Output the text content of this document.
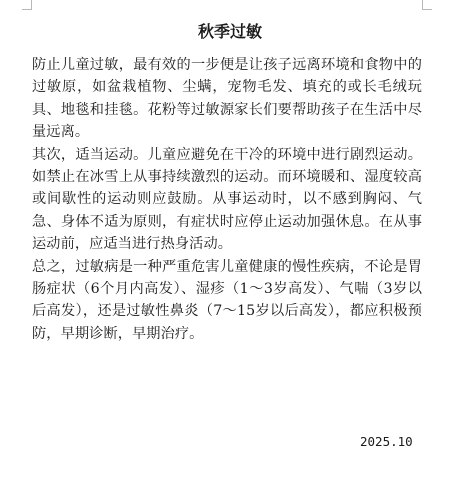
秋季过敏

防止儿童过敏，最有效的一步便是让孩子远离环境和食物中的过敏原，如盆栽植物、尘螨，宠物毛发、填充的或长毛绒玩具、地毯和挂毯。花粉等过敏源家长们要帮助孩子在生活中尽量远离。

其次，适当运动。儿童应避免在干冷的环境中进行剧烈运动。如禁止在冰雪上从事持续激烈的运动。而环境暖和、湿度较高或间歇性的运动则应鼓励。从事运动时，以不感到胸闷、气急、身体不适为原则，有症状时应停止运动加强休息。在从事运动前，应适当进行热身活动。

总之，过敏病是一种严重危害儿童健康的慢性疾病，不论是胃肠症状（6个月内高发）、湿疹（1～3岁高发）、气喘（3岁以后高发），还是过敏性鼻炎（7～15岁以后高发），都应积极预防，早期诊断，早期治疗。

2025.10
